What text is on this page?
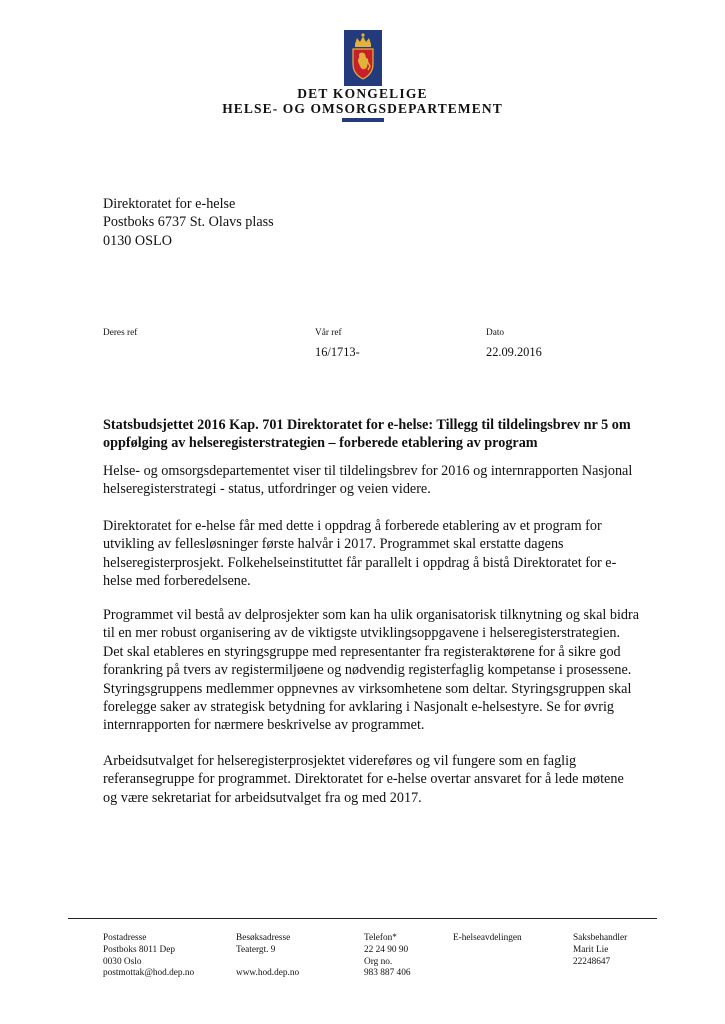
DET KONGELIGE
HELSE- OG OMSORGSDEPARTEMENT
Direktoratet for e-helse
Postboks 6737 St. Olavs plass
0130 OSLO
Deres ref	Vår ref
16/1713-
Dato
22.09.2016
Statsbudsjettet 2016 Kap. 701 Direktoratet for e-helse: Tillegg til tildelingsbrev nr 5 om
oppfølging av helseregisterstrategien – forberede etablering av program
Helse- og omsorgsdepartementet viser til tildelingsbrev for 2016 og internrapporten Nasjonal
helseregisterstrategi - status, utfordringer og veien videre.
Direktoratet for e-helse får med dette i oppdrag å forberede etablering av et program for
utvikling av fellesløsninger første halvår i 2017. Programmet skal erstatte dagens
helseregisterprosjekt. Folkehelseinstituttet får parallelt i oppdrag å bistå Direktoratet for e-
helse med forberedelsene.
Programmet vil bestå av delprosjekter som kan ha ulik organisatorisk tilknytning og skal bidra
til en mer robust organisering av de viktigste utviklingsoppgavene i helseregisterstrategien.
Det skal etableres en styringsgruppe med representanter fra registeraktørene for å sikre god
forankring på tvers av registermiljøene og nødvendig registerfaglig kompetanse i prosessene.
Styringsgruppens medlemmer oppnevnes av virksomhetene som deltar. Styringsgruppen skal
forelegge saker av strategisk betydning for avklaring i Nasjonalt e-helsestyre. Se for øvrig
internrapporten for nærmere beskrivelse av programmet.
Arbeidsutvalget for helseregisterprosjektet videreføres og vil fungere som en faglig
referansegruppe for programmet. Direktoratet for e-helse overtar ansvaret for å lede møtene
og være sekretariat for arbeidsutvalget fra og med 2017.
Postadresse
Postboks 8011 Dep
0030 Oslo
postmottak@hod.dep.no
Besøksadresse
Teatergt. 9

www.hod.dep.no
Telefon*
22 24 90 90
Org no.
983 887 406
E-helseavdelingen	Saksbehandler
Marit Lie
22248647
